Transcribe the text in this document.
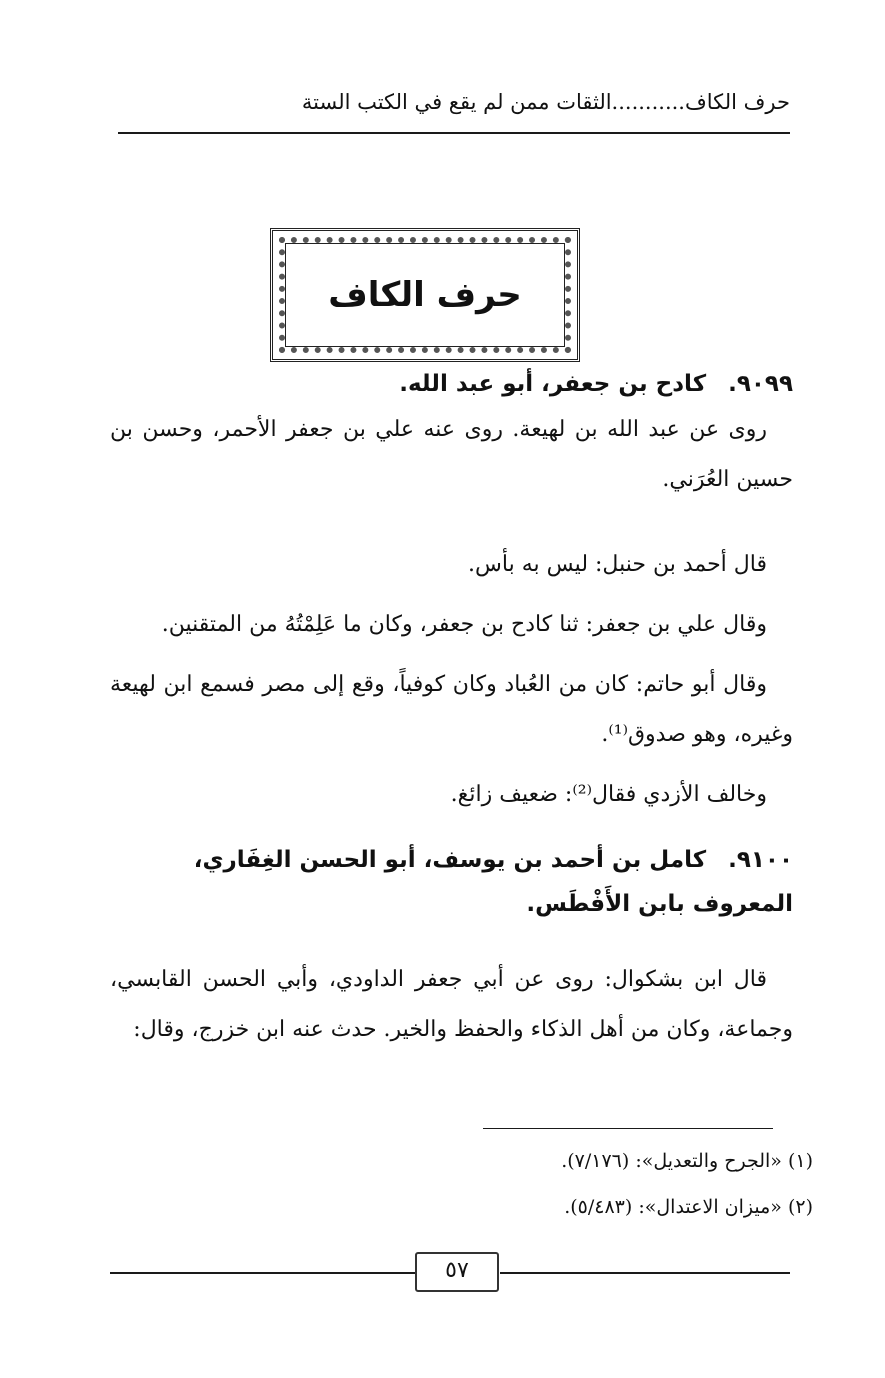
حرف الكاف...........الثقات ممن لم يقع في الكتب الستة
حرف الكاف
٩٠٩٩. كادح بن جعفر، أبو عبد الله.

روى عن عبد الله بن لهيعة. روى عنه علي بن جعفر الأحمر، وحسن بن حسين العُرَني.

قال أحمد بن حنبل: ليس به بأس.

وقال علي بن جعفر: ثنا كادح بن جعفر، وكان ما عَلِمْتُهُ من المتقنين.

وقال أبو حاتم: كان من العُباد وكان كوفياً، وقع إلى مصر فسمع ابن لهيعة وغيره، وهو صدوق⁽¹⁾.

وخالف الأزدي فقال⁽²⁾: ضعيف زائغ.

٩١٠٠. كامل بن أحمد بن يوسف، أبو الحسن الغِفَاري، المعروف بابن الأَفْطَس.

قال ابن بشكوال: روى عن أبي جعفر الداودي، وأبي الحسن القابسي، وجماعة، وكان من أهل الذكاء والحفظ والخير. حدث عنه ابن خزرج، وقال:

(١) «الجرح والتعديل»: (٧/١٧٦).
(٢) «ميزان الاعتدال»: (٥/٤٨٣).
٥٧
